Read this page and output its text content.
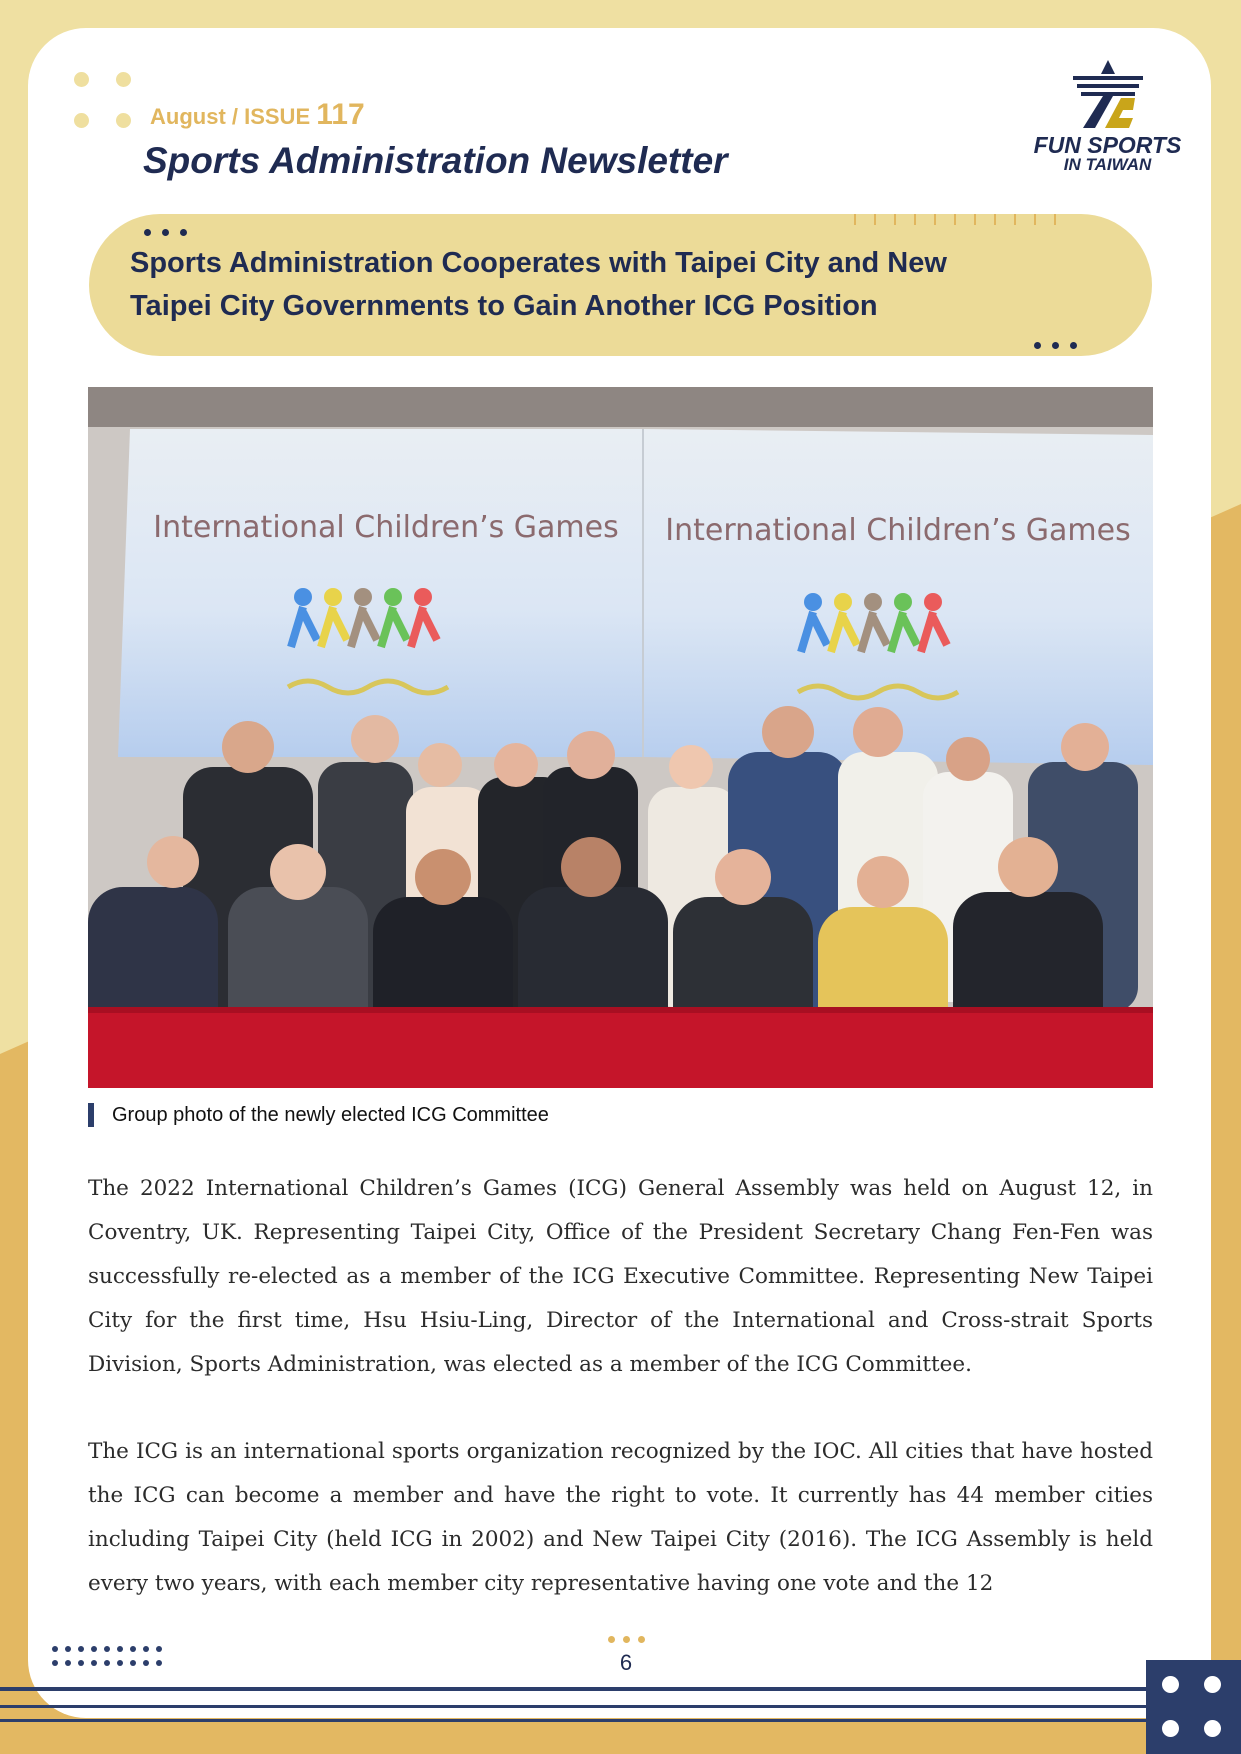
August / ISSUE 117
Sports Administration Newsletter	FUN SPORTS
IN TAIWAN
Sports Administration Cooperates with Taipei City and New
Taipei City Governments to Gain Another ICG Position
International Children’s Games International Children’s Games
Group photo of the newly elected ICG Committee

The 2022 International Children’s Games (ICG) General Assembly was held on August 12, in Coventry, UK. Representing Taipei City, Office of the President Secretary Chang Fen-Fen was successfully re-elected as a member of the ICG Executive Committee. Representing New Taipei City for the first time, Hsu Hsiu-Ling, Director of the International and Cross-strait Sports Division, Sports Administration, was elected as a member of the ICG Committee.

The ICG is an international sports organization recognized by the IOC. All cities that have hosted the ICG can become a member and have the right to vote. It currently has 44 member cities including Taipei City (held ICG in 2002) and New Taipei City (2016). The ICG Assembly is held every two years, with each member city representative having one vote and the 12

6
